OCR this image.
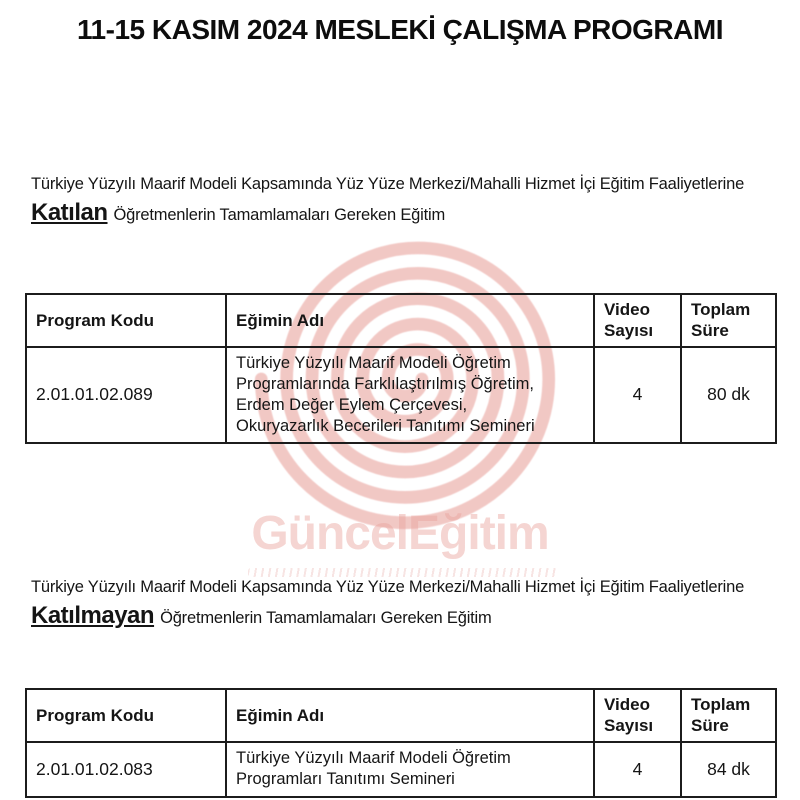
GüncelEğitim
11-15 KASIM 2024 MESLEKİ ÇALIŞMA PROGRAMI
Türkiye Yüzyılı Maarif Modeli Kapsamında Yüz Yüze Merkezi/Mahalli Hizmet İçi Eğitim Faaliyetlerine
Katılan Öğretmenlerin Tamamlamaları Gereken Eğitim
Program Kodu	Eğimin Adı	Video Sayısı	Toplam Süre
2.01.01.02.089	Türkiye Yüzyılı Maarif Modeli Öğretim Programlarında Farklılaştırılmış Öğretim, Erdem Değer Eylem Çerçevesi, Okuryazarlık Becerileri Tanıtımı Semineri	4	80 dk
Türkiye Yüzyılı Maarif Modeli Kapsamında Yüz Yüze Merkezi/Mahalli Hizmet İçi Eğitim Faaliyetlerine
Katılmayan Öğretmenlerin Tamamlamaları Gereken Eğitim
Program Kodu	Eğimin Adı	Video Sayısı	Toplam Süre
2.01.01.02.083	Türkiye Yüzyılı Maarif Modeli Öğretim Programları Tanıtımı Semineri	4	84 dk
